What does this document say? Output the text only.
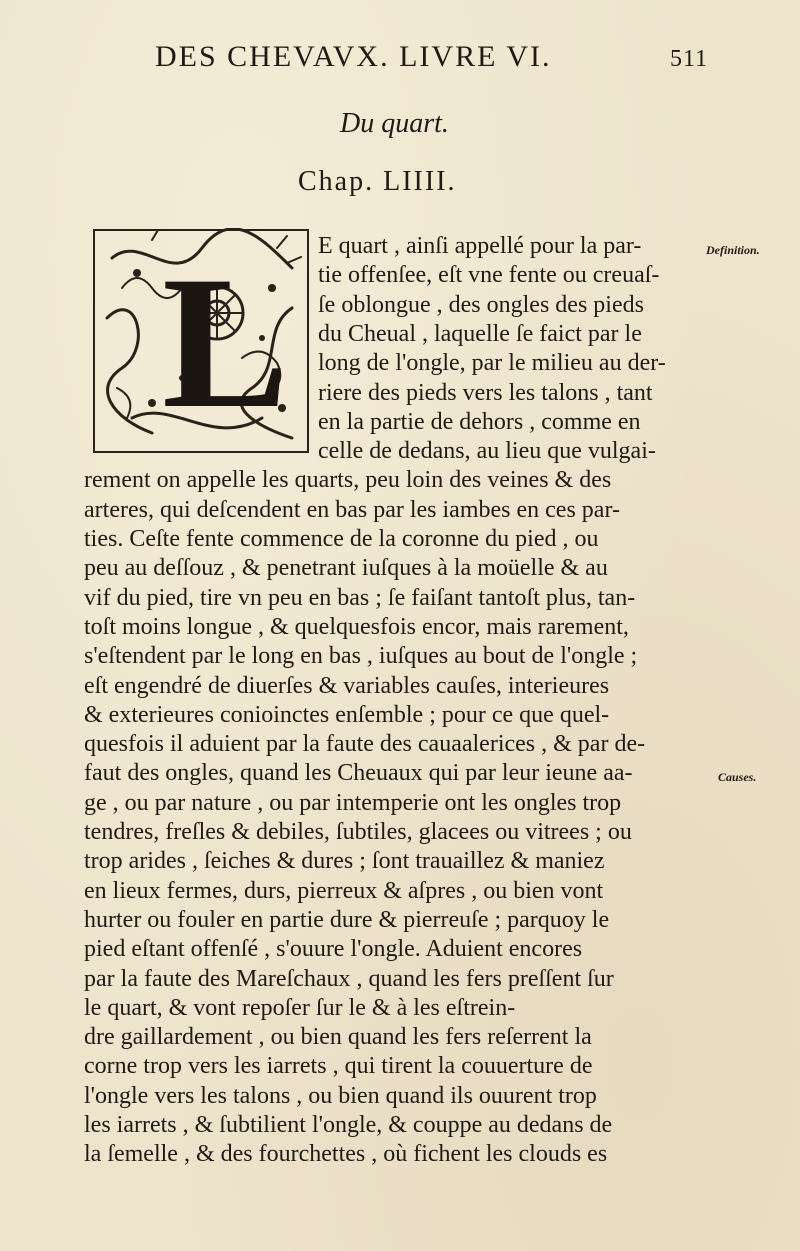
DES CHEVAVX. LIVRE VI.	511
Du quart.
Chap. LIIII.
L	Definition.
Causes.
E quart , ainſi appellé pour la par-
tie offenſee, eſt vne fente ou creuaſ-
ſe oblongue , des ongles des pieds
du Cheual , laquelle ſe faict par le
long de l'ongle, par le milieu au der-
riere des pieds vers les talons , tant
en la partie de dehors , comme en
celle de dedans, au lieu que vulgai-
rement on appelle les quarts, peu loin des veines & des
arteres, qui deſcendent en bas par les iambes en ces par-
ties. Ceſte fente commence de la coronne du pied , ou
peu au deſſouz , & penetrant iuſques à la moüelle & au
vif du pied, tire vn peu en bas ; ſe faiſant tantoſt plus, tan-
toſt moins longue , & quelquesfois encor, mais rarement,
s'eſtendent par le long en bas , iuſques au bout de l'ongle ;
eſt engendré de diuerſes & variables cauſes, interieures
& exterieures conioinctes enſemble ; pour ce que quel-
quesfois il aduient par la faute des cauaalerices , & par de-
faut des ongles, quand les Cheuaux qui par leur ieune aa-
ge , ou par nature , ou par intemperie ont les ongles trop
tendres, freſles & debiles, ſubtiles, glacees ou vitrees ; ou
trop arides , ſeiches & dures ; ſont trauaillez & maniez
en lieux fermes, durs, pierreux & aſpres , ou bien vont
hurter ou fouler en partie dure & pierreuſe ; parquoy le
pied eſtant offenſé , s'ouure l'ongle. Aduient encores
par la faute des Mareſchaux , quand les fers preſſent ſur
le quart, & vont repoſer ſur le & à les eſtrein-
dre gaillardement , ou bien quand les fers reſerrent la
corne trop vers les iarrets , qui tirent la couuerture de
l'ongle vers les talons , ou bien quand ils ouurent trop
les iarrets , & ſubtilient l'ongle, & couppe au dedans de
la ſemelle , & des fourchettes , où fichent les clouds es
